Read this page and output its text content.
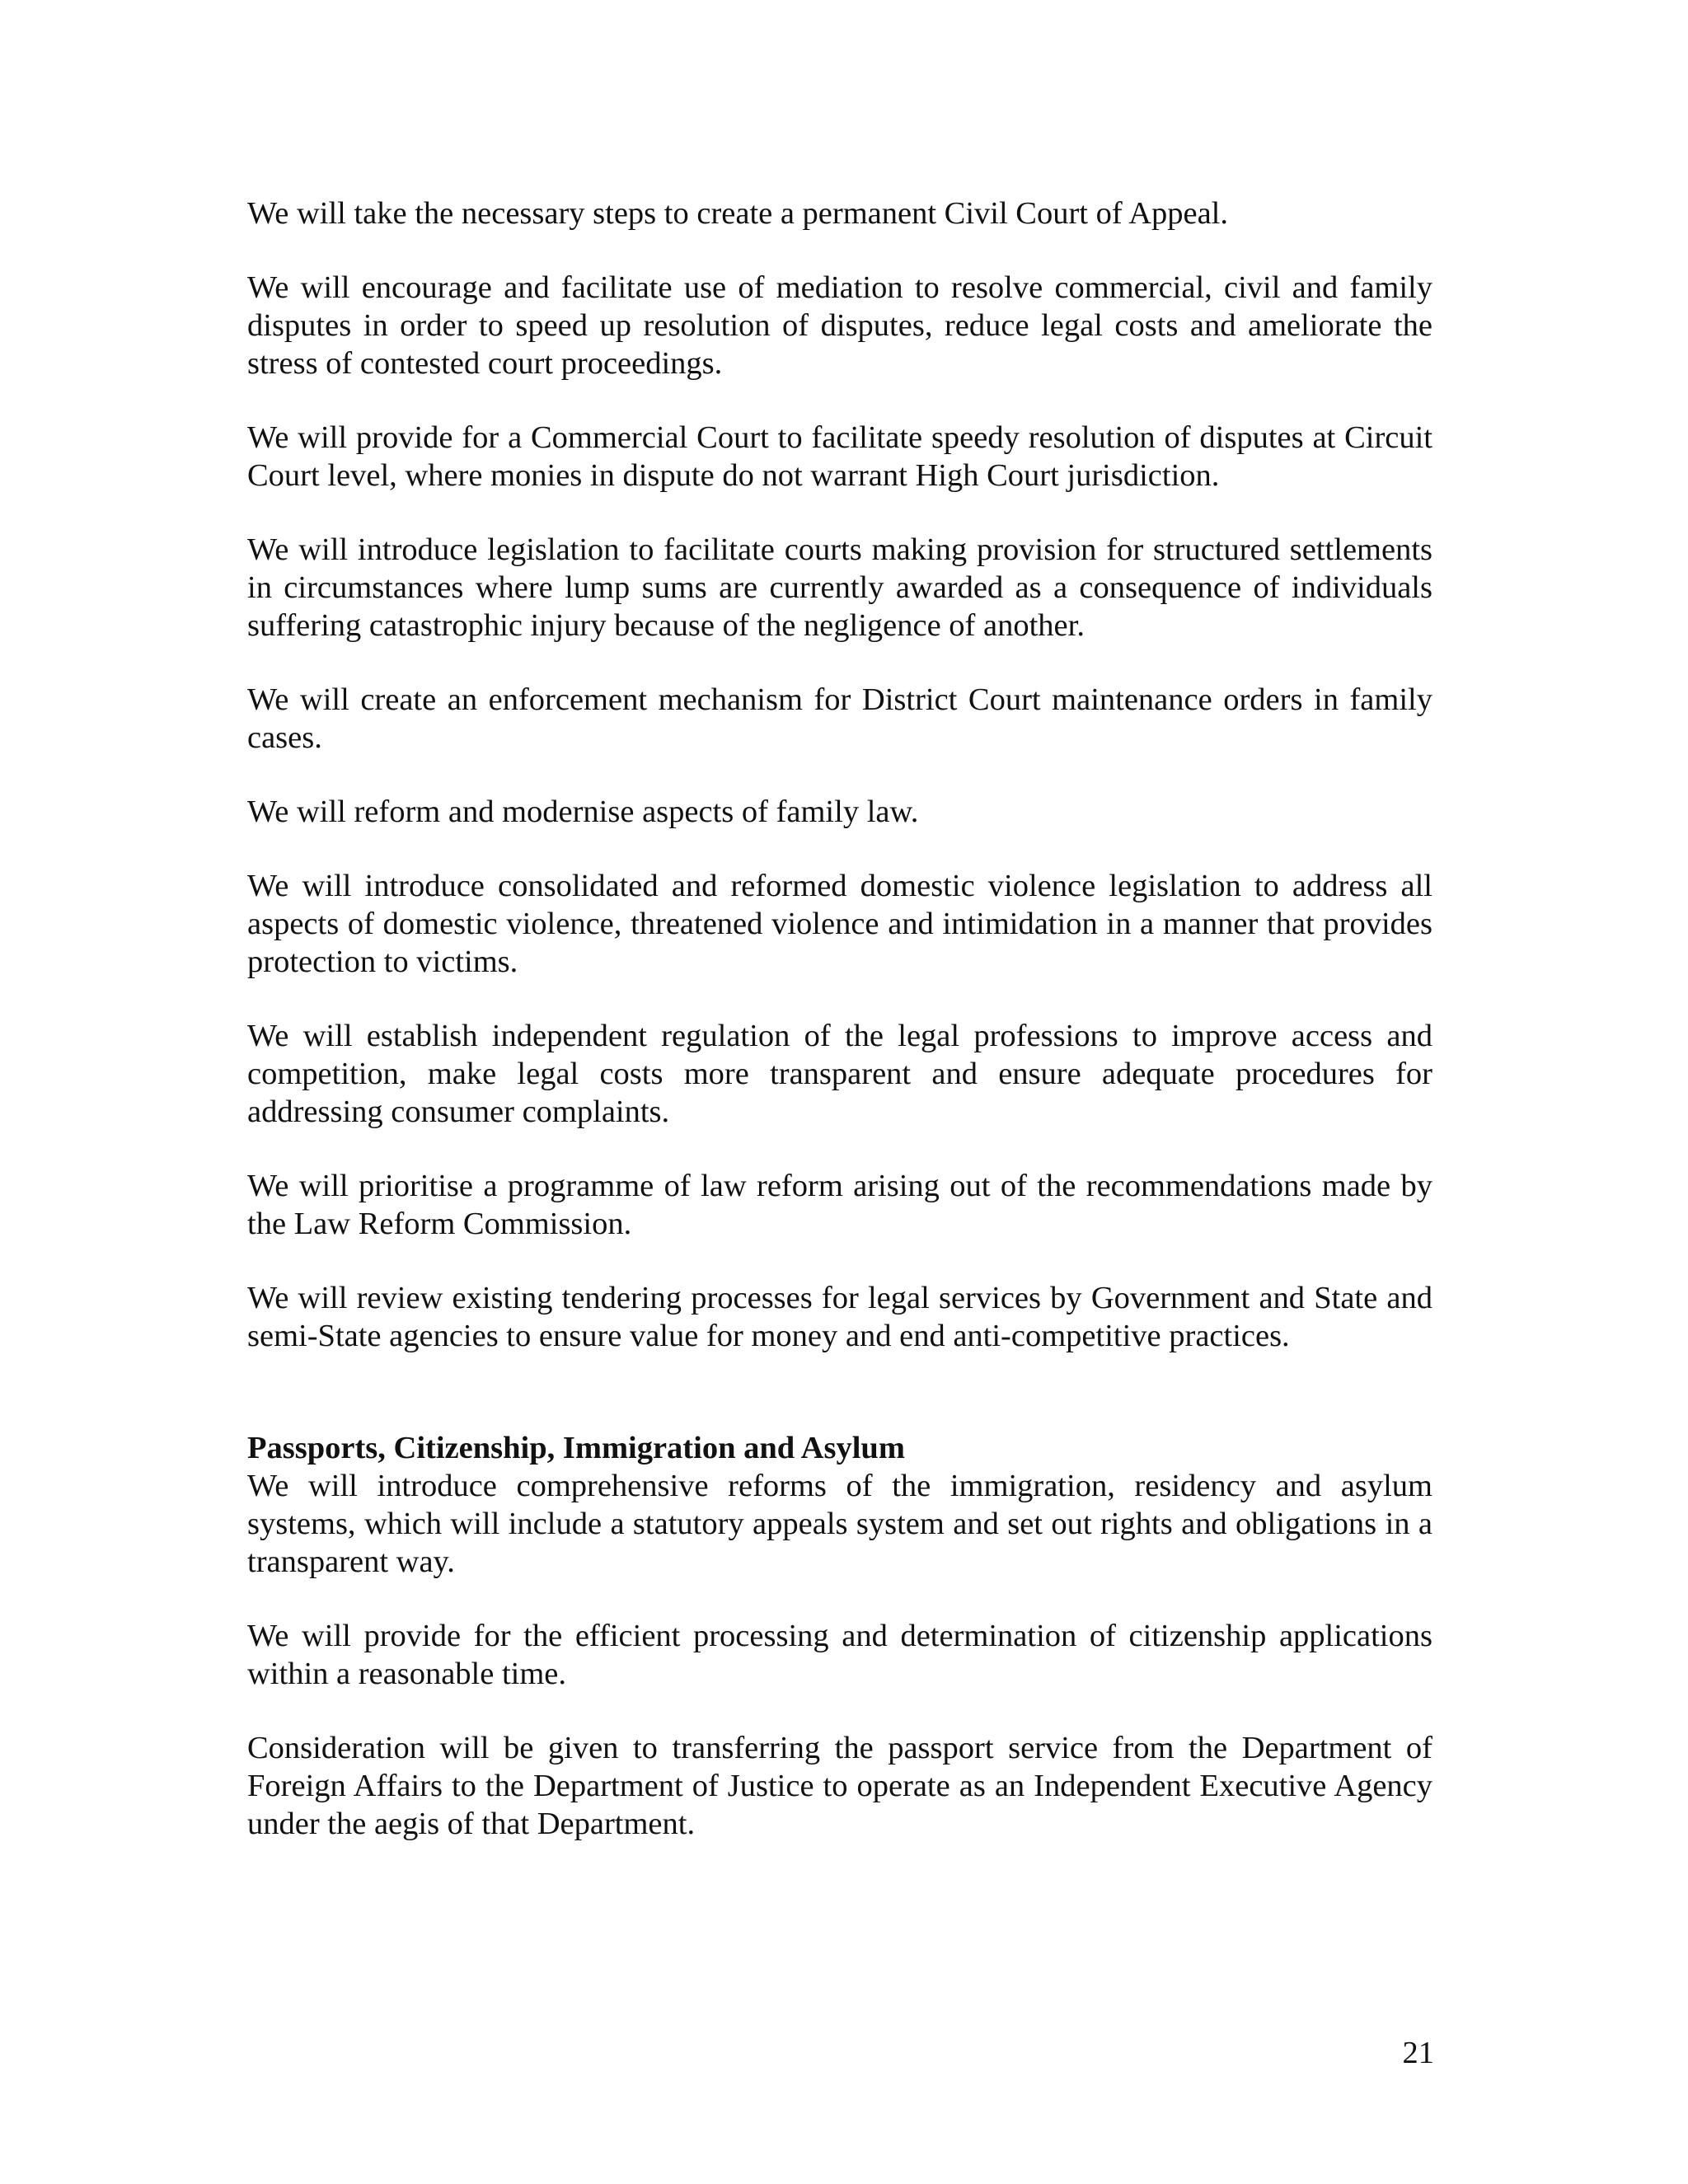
We will take the necessary steps to create a permanent Civil Court of Appeal.

We will encourage and facilitate use of mediation to resolve commercial, civil and family disputes in order to speed up resolution of disputes, reduce legal costs and ameliorate the stress of contested court proceedings.

We will provide for a Commercial Court to facilitate speedy resolution of disputes at Circuit Court level, where monies in dispute do not warrant High Court jurisdiction.

We will introduce legislation to facilitate courts making provision for structured settlements in circumstances where lump sums are currently awarded as a consequence of individuals suffering catastrophic injury because of the negligence of another.

We will create an enforcement mechanism for District Court maintenance orders in family cases.

We will reform and modernise aspects of family law.

We will introduce consolidated and reformed domestic violence legislation to address all aspects of domestic violence, threatened violence and intimidation in a manner that provides protection to victims.

We will establish independent regulation of the legal professions to improve access and competition, make legal costs more transparent and ensure adequate procedures for addressing consumer complaints.

We will prioritise a programme of law reform arising out of the recommendations made by the Law Reform Commission.

We will review existing tendering processes for legal services by Government and State and semi-State agencies to ensure value for money and end anti-competitive practices.

Passports, Citizenship, Immigration and Asylum

We will introduce comprehensive reforms of the immigration, residency and asylum systems, which will include a statutory appeals system and set out rights and obligations in a transparent way.

We will provide for the efficient processing and determination of citizenship applications within a reasonable time.

Consideration will be given to transferring the passport service from the Department of Foreign Affairs to the Department of Justice to operate as an Independent Executive Agency under the aegis of that Department.

21
